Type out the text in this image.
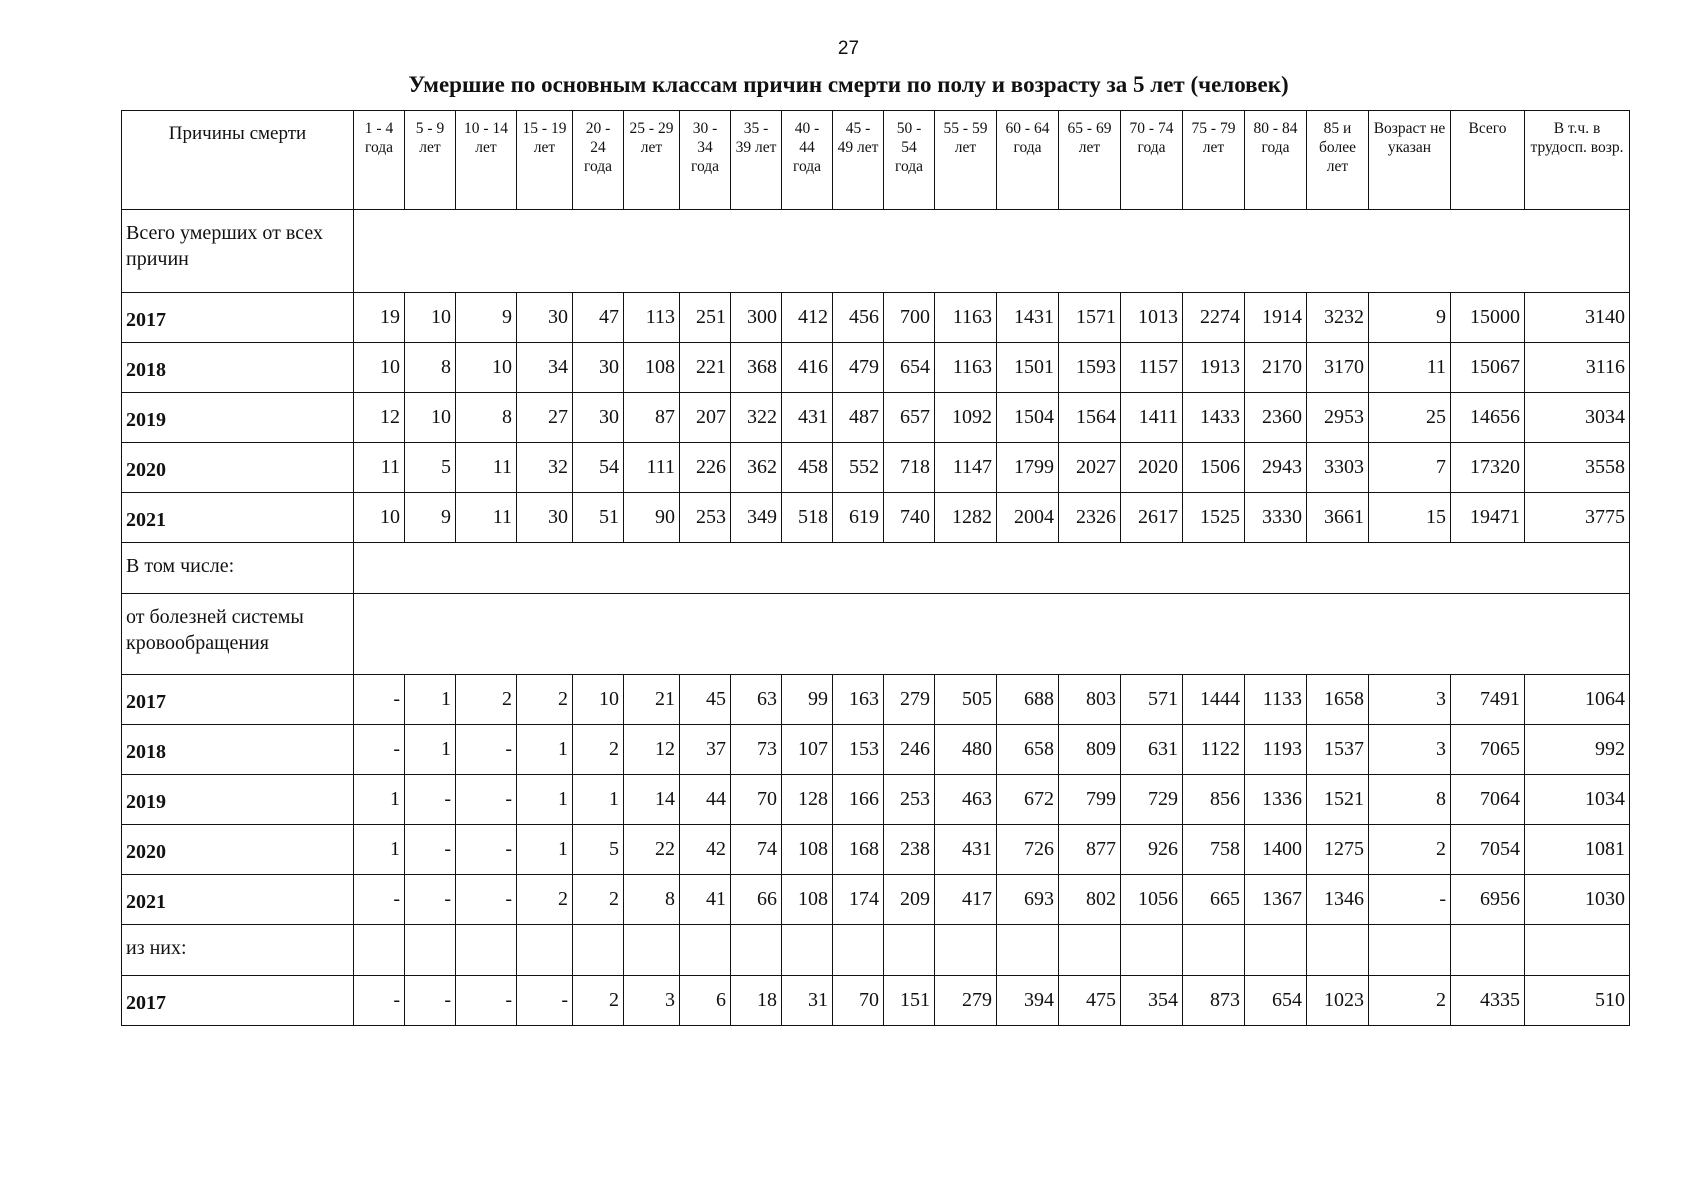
27
Умершие по основным классам причин смерти по полу и возрасту за 5 лет (человек)
Причины смерти	1 - 4 года	5 - 9 лет	10 - 14 лет	15 - 19 лет	20 - 24 года	25 - 29 лет	30 - 34 года	35 - 39 лет	40 - 44 года	45 - 49 лет	50 - 54 года	55 - 59 лет	60 - 64 года	65 - 69 лет	70 - 74 года	75 - 79 лет	80 - 84 года	85 и более лет	Возраст не указан	Всего	В т.ч. в трудосп. возр.
Всего умерших от всех причин																					
2017	19	10	9	30	47	113	251	300	412	456	700	1163	1431	1571	1013	2274	1914	3232	9	15000	3140
2018	10	8	10	34	30	108	221	368	416	479	654	1163	1501	1593	1157	1913	2170	3170	11	15067	3116
2019	12	10	8	27	30	87	207	322	431	487	657	1092	1504	1564	1411	1433	2360	2953	25	14656	3034
2020	11	5	11	32	54	111	226	362	458	552	718	1147	1799	2027	2020	1506	2943	3303	7	17320	3558
2021	10	9	11	30	51	90	253	349	518	619	740	1282	2004	2326	2617	1525	3330	3661	15	19471	3775
В том числе:																					
от болезней системы кровообращения																					
2017	-	1	2	2	10	21	45	63	99	163	279	505	688	803	571	1444	1133	1658	3	7491	1064
2018	-	1	-	1	2	12	37	73	107	153	246	480	658	809	631	1122	1193	1537	3	7065	992
2019	1	-	-	1	1	14	44	70	128	166	253	463	672	799	729	856	1336	1521	8	7064	1034
2020	1	-	-	1	5	22	42	74	108	168	238	431	726	877	926	758	1400	1275	2	7054	1081
2021	-	-	-	2	2	8	41	66	108	174	209	417	693	802	1056	665	1367	1346	-	6956	1030
из них:																					
2017	-	-	-	-	2	3	6	18	31	70	151	279	394	475	354	873	654	1023	2	4335	510
